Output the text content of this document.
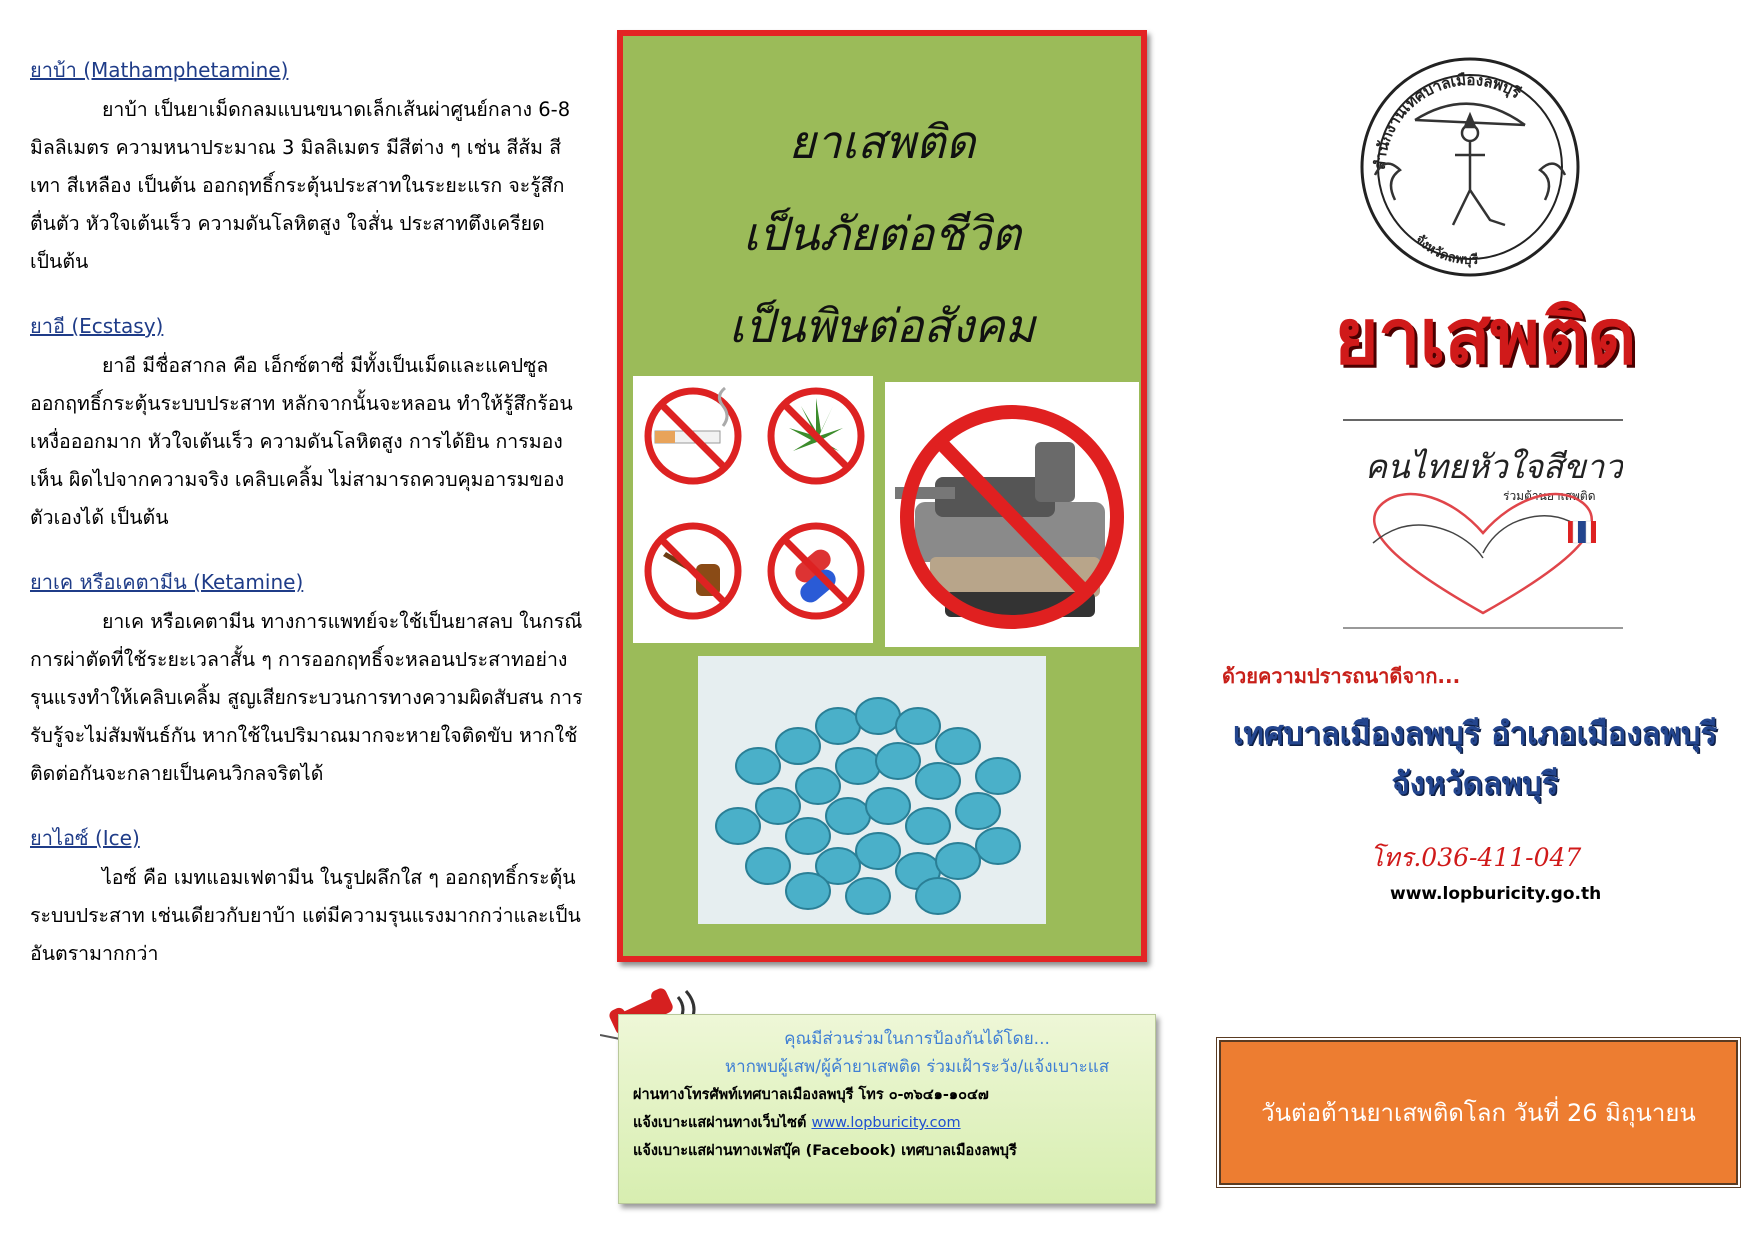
ยาบ้า (Mathamphetamine)

ยาบ้า เป็นยาเม็ดกลมแบนขนาดเล็กเส้นผ่าศูนย์กลาง 6-8 มิลลิเมตร ความหนาประมาณ 3 มิลลิเมตร มีสีต่าง ๆ เช่น สีส้ม สีเทา สีเหลือง เป็นต้น ออกฤทธิ์กระตุ้นประสาทในระยะแรก จะรู้สึกตื่นตัว หัวใจเต้นเร็ว ความดันโลหิตสูง ใจสั่น ประสาทตึงเครียด เป็นต้น

ยาอี (Ecstasy)

ยาอี มีชื่อสากล คือ เอ็กซ์ตาซี่ มีทั้งเป็นเม็ดและแคปซูล ออกฤทธิ์กระตุ้นระบบประสาท หลักจากนั้นจะหลอน ทำให้รู้สึกร้อน เหงื่อออกมาก หัวใจเต้นเร็ว ความดันโลหิตสูง การได้ยิน การมองเห็น ผิดไปจากความจริง เคลิบเคลิ้ม ไม่สามารถควบคุมอารมของตัวเองได้ เป็นต้น

ยาเค หรือเคตามีน (Ketamine)

ยาเค หรือเคตามีน ทางการแพทย์จะใช้เป็นยาสลบ ในกรณีการผ่าตัดที่ใช้ระยะเวลาสั้น ๆ การออกฤทธิ์จะหลอนประสาทอย่างรุนแรงทำให้เคลิบเคลิ้ม สูญเสียกระบวนการทางความผิดสับสน การรับรู้จะไม่สัมพันธ์กัน หากใช้ในปริมาณมากจะหายใจติดขับ หากใช้ติดต่อกันจะกลายเป็นคนวิกลจริตได้

ยาไอซ์ (Ice)

ไอซ์ คือ เมทแอมเฟตามีน ในรูปผลึกใส ๆ ออกฤทธิ์กระตุ้นระบบประสาท เช่นเดียวกับยาบ้า แต่มีความรุนแรงมากกว่าและเป็นอันตรามากกว่า

ยาเสพติด
เป็นภัยต่อชีวิต
เป็นพิษต่อสังคม
คุณมีส่วนร่วมในการป้องกันได้โดย...
หากพบผู้เสพ/ผู้ค้ายาเสพติด ร่วมเฝ้าระวัง/แจ้งเบาะแส
ผ่านทางโทรศัพท์เทศบาลเมืองลพบุรี โทร ๐-๓๖๔๑-๑๐๔๗
แจ้งเบาะแสผ่านทางเว็บไซต์ www.lopburicity.com
แจ้งเบาะแสผ่านทางเฟสบุ๊ค (Facebook) เทศบาลเมืองลพบุรี
สำนักงานเทศบาลเมืองลพบุรี
จังหวัดลพบุรี
ยาเสพติด
คนไทยหัวใจสีขาว
ร่วมต้านยาเสพติด
ด้วยความปรารถนาดีจาก...
เทศบาลเมืองลพบุรี อำเภอเมืองลพบุรี
จังหวัดลพบุรี
โทร.036-411-047
www.lopburicity.go.th
วันต่อต้านยาเสพติดโลก วันที่ 26 มิถุนายน
